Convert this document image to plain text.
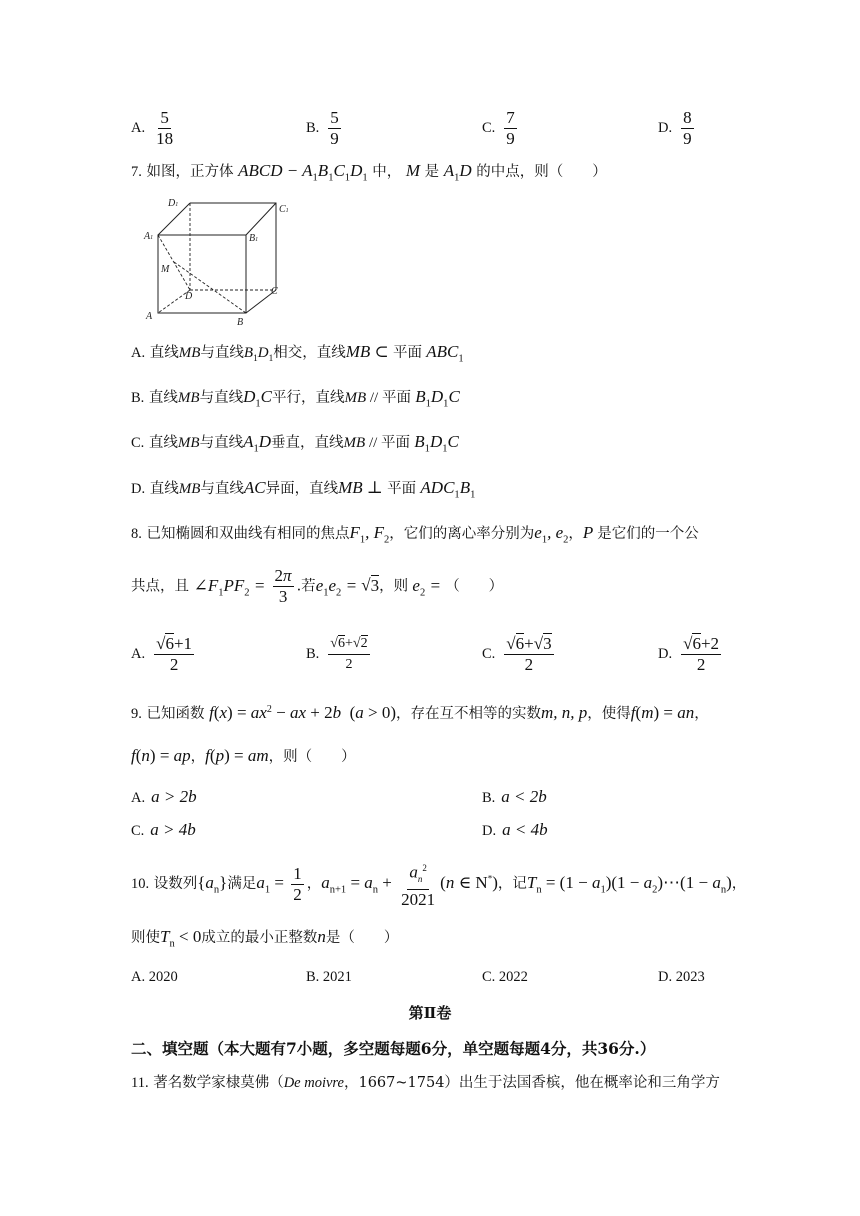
A. $\frac{5}{18}$	B. $\frac{5}{9}$	C. $\frac{7}{9}$	D. $\frac{8}{9}$
7. 如图，正方体 ABCD − $A_1B_1C_1D_1$ 中， M 是 $A_1D$ 的中点，则（　　）
D1	C1
A1	B1
M
D	C
A
B
A. 直线MB与直线$B_1D_1$相交，直线MB ⊂ 平面 $ABC_1$
B. 直线MB与直线$D_1C$平行，直线MB // 平面 $B_1D_1C$
C. 直线MB与直线$A_1D$垂直，直线MB // 平面 $B_1D_1C$
D. 直线MB与直线AC异面，直线MB ⊥ 平面 $ADC_1B_1$
8. 已知椭圆和双曲线有相同的焦点$F_1$, $F_2$，它们的离心率分别为$e_1$, $e_2$，P 是它们的一个公
共点，且 $\angle F_1PF_2 = \frac{2\pi}{3}$ .若$e_1e_2 = √3$，则 $e_2$ = （　　）
A. $\frac{√6+1}{2}$	B. $\frac{√6+√2}{2}$	C. $\frac{√6+√3}{2}$	D. $\frac{√6+2}{2}$
9. 已知函数 $f(x) = ax^2$ − ax + 2b  (a > 0)，存在互不相等的实数m, n, p，使得f(m) = an，
f(n) = ap，f(p) = am，则（　　）
A. a > 2b	B. a < 2b
C. a > 4b	D. a < 4b
10. 设数列$\{a_n\}$满足$a_1 = \frac{1}{2}$ ，$a_{n+1} = a_n + \frac{a_n^2}{2021} (n$ ∈ N*)，记$T_n = (1 - a_1)(1$ − $a_2)\cdots(1 - a_n)$，
则使$T_n < 0$成立的最小正整数n是（　　）
A. 2020	B. 2021	C. 2022	D. 2023
第Ⅱ卷
二、填空题（本大题有7小题，多空题每题6分，单空题每题4分，共36分.）
11. 著名数学家棣莫佛（De moivre，1667~1754）出生于法国香槟，他在概率论和三角学方
